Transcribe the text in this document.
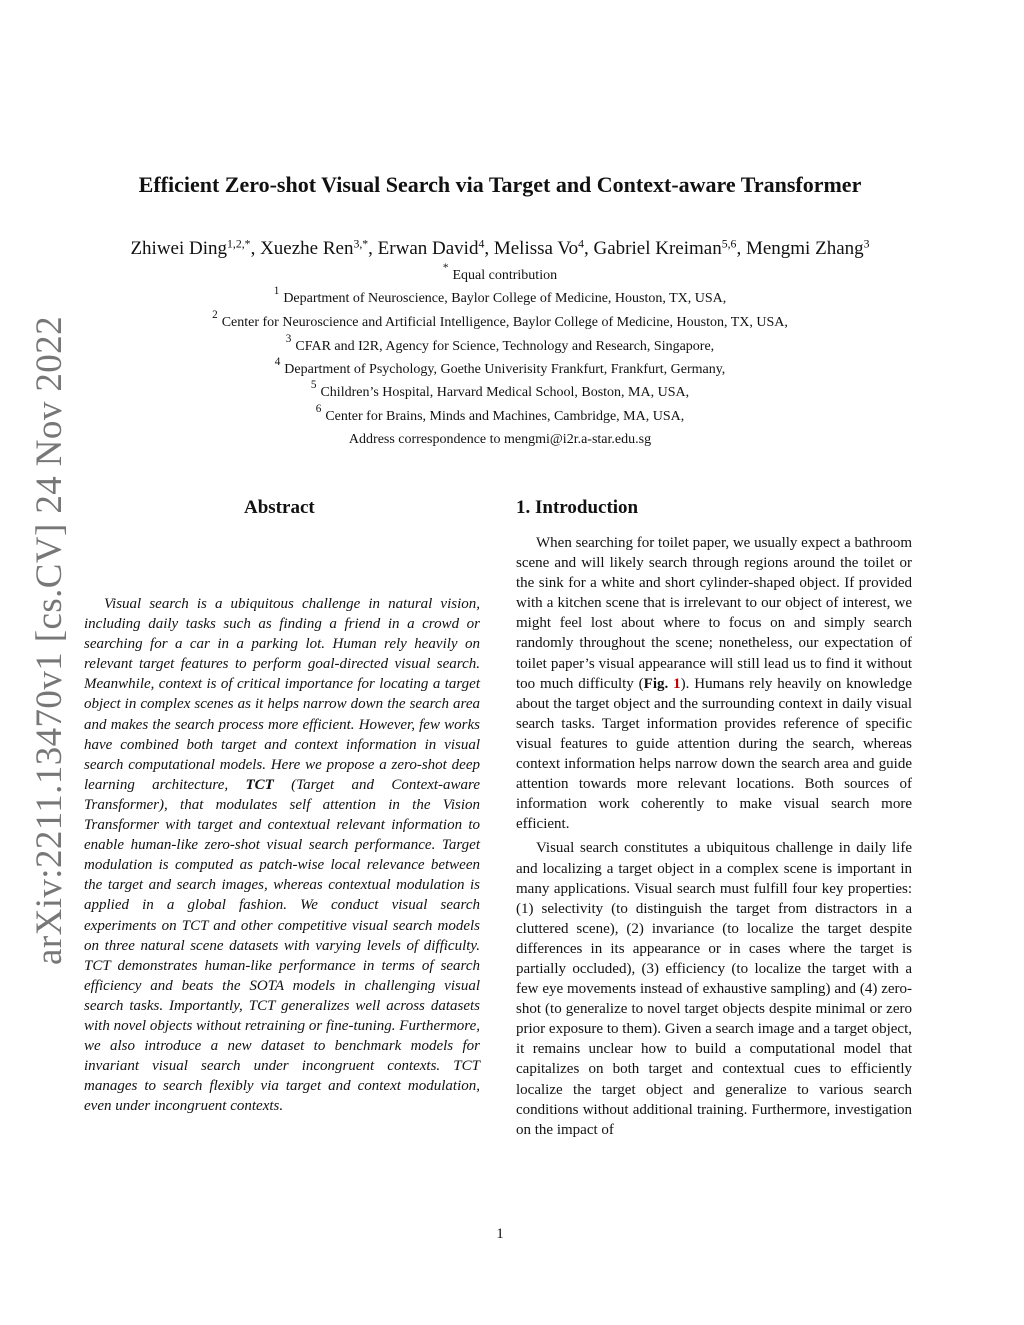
arXiv:2211.13470v1 [cs.CV] 24 Nov 2022
Efficient Zero-shot Visual Search via Target and Context-aware Transformer
Zhiwei Ding$^{1,2,*}$, Xuezhe Ren$^{3,*}$, Erwan David$^4$, Melissa Vo$^4$, Gabriel Kreiman$^{5,6}$, Mengmi Zhang$^3$
* Equal contribution
$^1$ Department of Neuroscience, Baylor College of Medicine, Houston, TX, USA,
$^2$ Center for Neuroscience and Artificial Intelligence, Baylor College of Medicine, Houston, TX, USA,
$^3$ CFAR and I2R, Agency for Science, Technology and Research, Singapore,
$^4$ Department of Psychology, Goethe Univerisity Frankfurt, Frankfurt, Germany,
$^5$ Children’s Hospital, Harvard Medical School, Boston, MA, USA,
$^6$ Center for Brains, Minds and Machines, Cambridge, MA, USA,
Address correspondence to mengmi@i2r.a-star.edu.sg
Abstract	1. Introduction

Visual search is a ubiquitous challenge in natural vision, including daily tasks such as finding a friend in a crowd or searching for a car in a parking lot. Human rely heavily on relevant target features to perform goal-directed visual search. Meanwhile, context is of critical importance for locating a target object in complex scenes as it helps narrow down the search area and makes the search process more efficient. However, few works have combined both target and context information in visual search computational models. Here we propose a zero-shot deep learning architecture, TCT (Target and Context-aware Transformer), that modulates self attention in the Vision Transformer with target and contextual relevant information to enable human-like zero-shot visual search performance. Target modulation is computed as patch-wise local relevance between the target and search images, whereas contextual modulation is applied in a global fashion. We conduct visual search experiments on TCT and other competitive visual search models on three natural scene datasets with varying levels of difficulty. TCT demonstrates human-like performance in terms of search efficiency and beats the SOTA models in challenging visual search tasks. Importantly, TCT generalizes well across datasets with novel objects without retraining or fine-tuning. Furthermore, we also introduce a new dataset to benchmark models for invariant visual search under incongruent contexts. TCT manages to search flexibly via target and context modulation, even under incongruent contexts.

When searching for toilet paper, we usually expect a bathroom scene and will likely search through regions around the toilet or the sink for a white and short cylinder-shaped object. If provided with a kitchen scene that is irrelevant to our object of interest, we might feel lost about where to focus on and simply search randomly throughout the scene; nonetheless, our expectation of toilet paper’s visual appearance will still lead us to find it without too much difficulty (Fig. 1). Humans rely heavily on knowledge about the target object and the surrounding context in daily visual search tasks. Target information provides reference of specific visual features to guide attention during the search, whereas context information helps narrow down the search area and guide attention towards more relevant locations. Both sources of information work coherently to make visual search more efficient.

Visual search constitutes a ubiquitous challenge in daily life and localizing a target object in a complex scene is important in many applications. Visual search must fulfill four key properties: (1) selectivity (to distinguish the target from distractors in a cluttered scene), (2) invariance (to localize the target despite differences in its appearance or in cases where the target is partially occluded), (3) efficiency (to localize the target with a few eye movements instead of exhaustive sampling) and (4) zero-shot (to generalize to novel target objects despite minimal or zero prior exposure to them). Given a search image and a target object, it remains unclear how to build a computational model that capitalizes on both target and contextual cues to efficiently localize the target object and generalize to various search conditions without additional training. Furthermore, investigation on the impact of

1
